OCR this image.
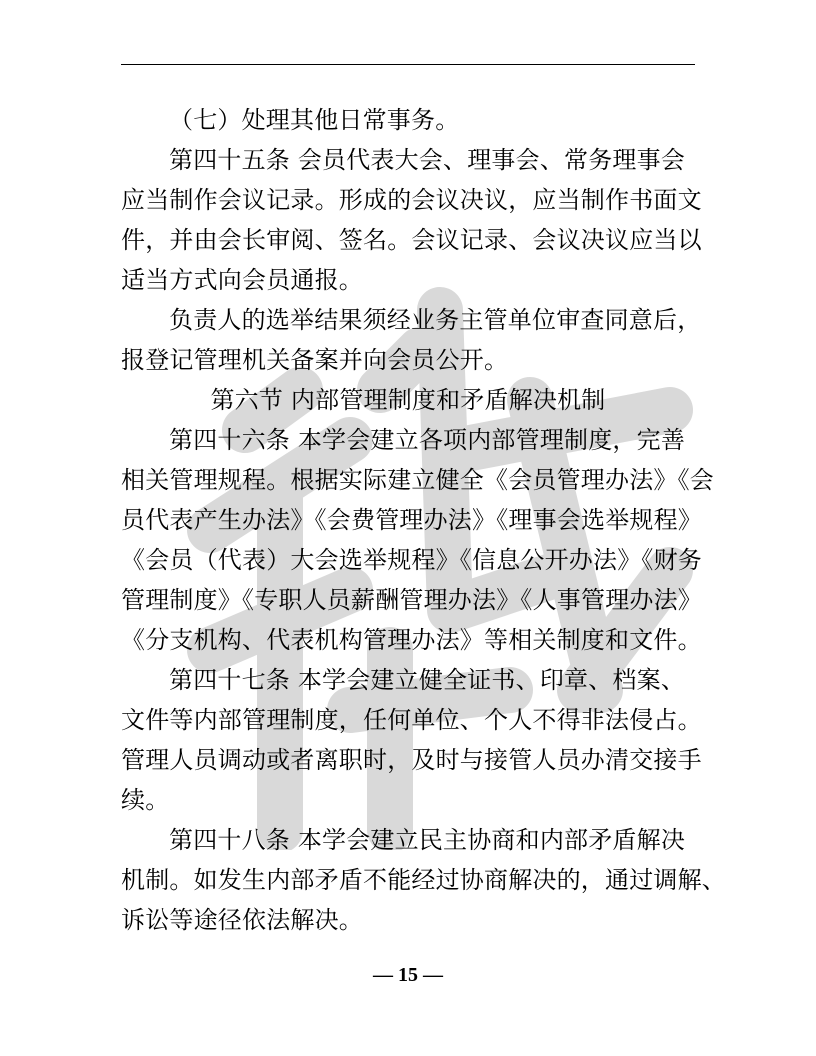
（七）处理其他日常事务。
第四十五条 会员代表大会、理事会、常务理事会
应当制作会议记录。形成的会议决议，应当制作书面文
件，并由会长审阅、签名。会议记录、会议决议应当以
适当方式向会员通报。
负责人的选举结果须经业务主管单位审查同意后，
报登记管理机关备案并向会员公开。
第六节 内部管理制度和矛盾解决机制
第四十六条 本学会建立各项内部管理制度，完善
相关管理规程。根据实际建立健全《会员管理办法》《会
员代表产生办法》《会费管理办法》《理事会选举规程》
《会员（代表）大会选举规程》《信息公开办法》《财务
管理制度》《专职人员薪酬管理办法》《人事管理办法》
《分支机构、代表机构管理办法》等相关制度和文件。
第四十七条 本学会建立健全证书、印章、档案、
文件等内部管理制度，任何单位、个人不得非法侵占。
管理人员调动或者离职时，及时与接管人员办清交接手
续。
第四十八条 本学会建立民主协商和内部矛盾解决
机制。如发生内部矛盾不能经过协商解决的，通过调解、
诉讼等途径依法解决。
— 15 —
